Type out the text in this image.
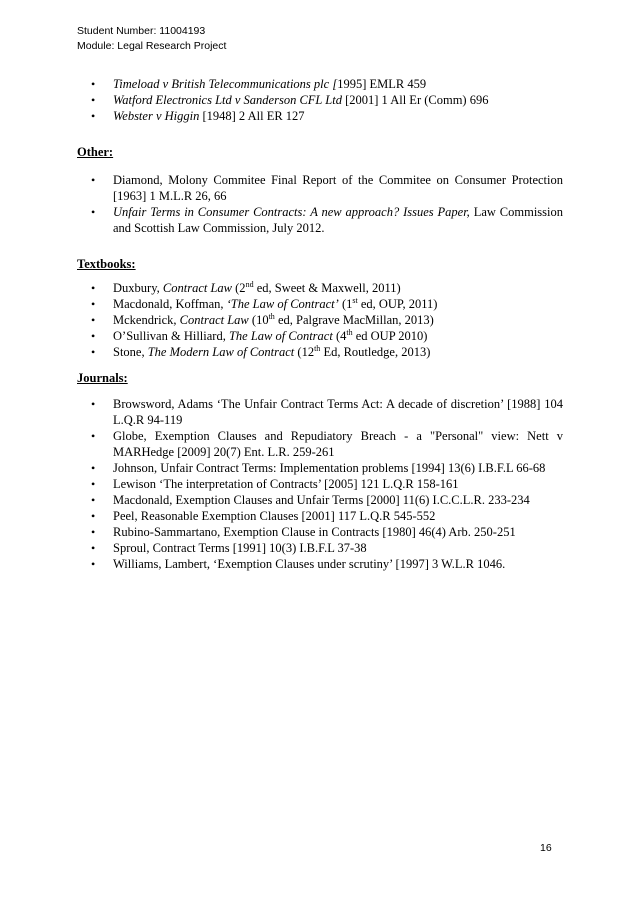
Student Number: 11004193
Module: Legal Research Project
• Timeload v British Telecommunications plc [1995] EMLR 459
• Watford Electronics Ltd v Sanderson CFL Ltd [2001] 1 All Er (Comm) 696
• Webster v Higgin [1948] 2 All ER 127

Other:

• Diamond, Molony Commitee Final Report of the Commitee on Consumer Protection [1963] 1 M.L.R 26, 66
• Unfair Terms in Consumer Contracts: A new approach? Issues Paper, Law Commission and Scottish Law Commission, July 2012.

Textbooks:

• Duxbury, Contract Law (2nd ed, Sweet & Maxwell, 2011)
• Macdonald, Koffman, ‘The Law of Contract’ (1st ed, OUP, 2011)
• Mckendrick, Contract Law (10th ed, Palgrave MacMillan, 2013)
• O’Sullivan & Hilliard, The Law of Contract (4th ed OUP 2010)
• Stone, The Modern Law of Contract (12th Ed, Routledge, 2013)

Journals:

• Browsword, Adams ‘The Unfair Contract Terms Act: A decade of discretion’ [1988] 104 L.Q.R 94-119
• Globe, Exemption Clauses and Repudiatory Breach - a "Personal" view: Nett v MARHedge [2009] 20(7) Ent. L.R. 259-261
• Johnson, Unfair Contract Terms: Implementation problems [1994] 13(6) I.B.F.L 66-68
• Lewison ‘The interpretation of Contracts’ [2005] 121 L.Q.R 158-161
• Macdonald, Exemption Clauses and Unfair Terms [2000] 11(6) I.C.C.L.R. 233-234
• Peel, Reasonable Exemption Clauses [2001] 117 L.Q.R 545-552
• Rubino-Sammartano, Exemption Clause in Contracts [1980] 46(4) Arb. 250-251
• Sproul, Contract Terms [1991] 10(3) I.B.F.L 37-38
• Williams, Lambert, ‘Exemption Clauses under scrutiny’ [1997] 3 W.L.R 1046.
16
